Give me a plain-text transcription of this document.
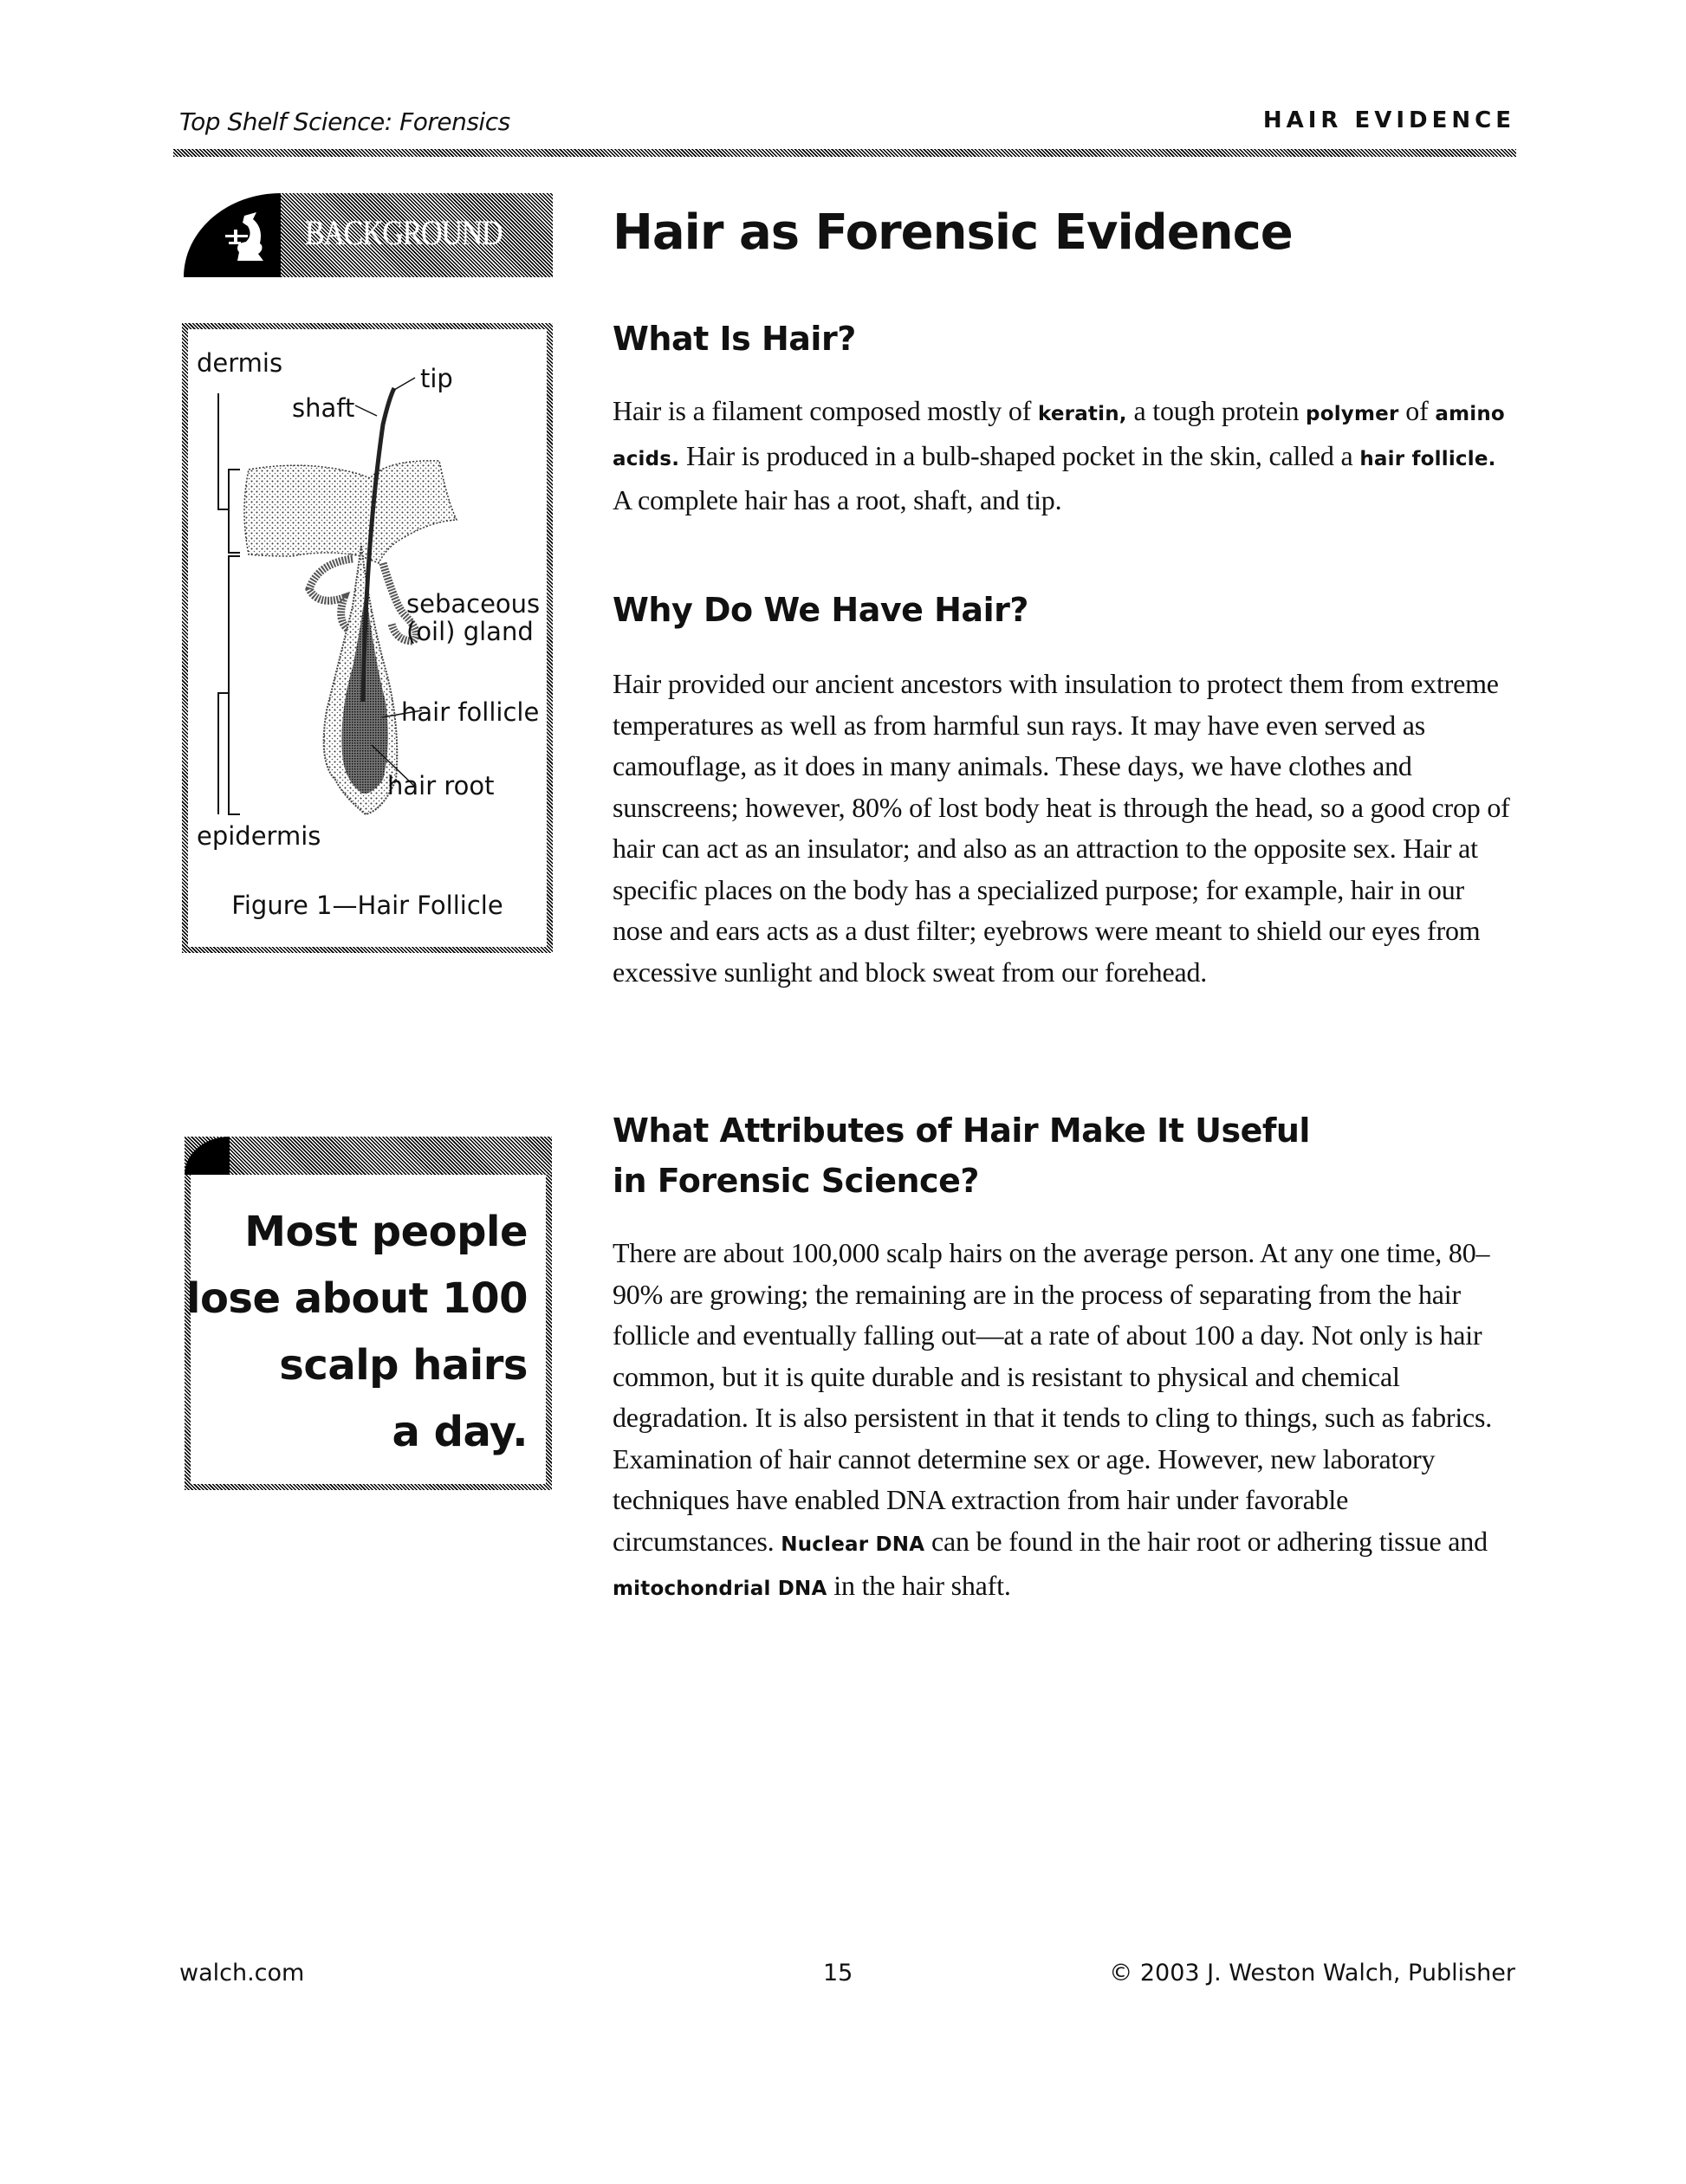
Top Shelf Science: Forensics	HAIR EVIDENCE
BACKGROUND Hair as Forensic Evidence
dermis
tip
shaft
sebaceous
(oil) gland
hair follicle
hair root
epidermis
Figure 1—Hair Follicle
Most people
lose about 100
scalp hairs
a day.
What Is Hair?
Hair is a filament composed mostly of keratin, a tough protein polymer of amino acids. Hair is produced in a bulb-shaped pocket in the skin, called a hair follicle. A complete hair has a root, shaft, and tip.
Why Do We Have Hair?
Hair provided our ancient ancestors with insulation to protect them from extreme temperatures as well as from harmful sun rays. It may have even served as camouflage, as it does in many animals. These days, we have clothes and sunscreens; however, 80% of lost body heat is through the head, so a good crop of hair can act as an insulator; and also as an attraction to the opposite sex. Hair at specific places on the body has a specialized purpose; for example, hair in our nose and ears acts as a dust filter; eyebrows were meant to shield our eyes from excessive sunlight and block sweat from our forehead.
What Attributes of Hair Make It Useful in Forensic Science?
There are about 100,000 scalp hairs on the average person. At any one time, 80–90% are growing; the remaining are in the process of separating from the hair follicle and eventually falling out—at a rate of about 100 a day. Not only is hair common, but it is quite durable and is resistant to physical and chemical degradation. It is also persistent in that it tends to cling to things, such as fabrics. Examination of hair cannot determine sex or age. However, new laboratory techniques have enabled DNA extraction from hair under favorable circumstances. Nuclear DNA can be found in the hair root or adhering tissue and mitochondrial DNA in the hair shaft.
walch.com	15	© 2003 J. Weston Walch, Publisher
